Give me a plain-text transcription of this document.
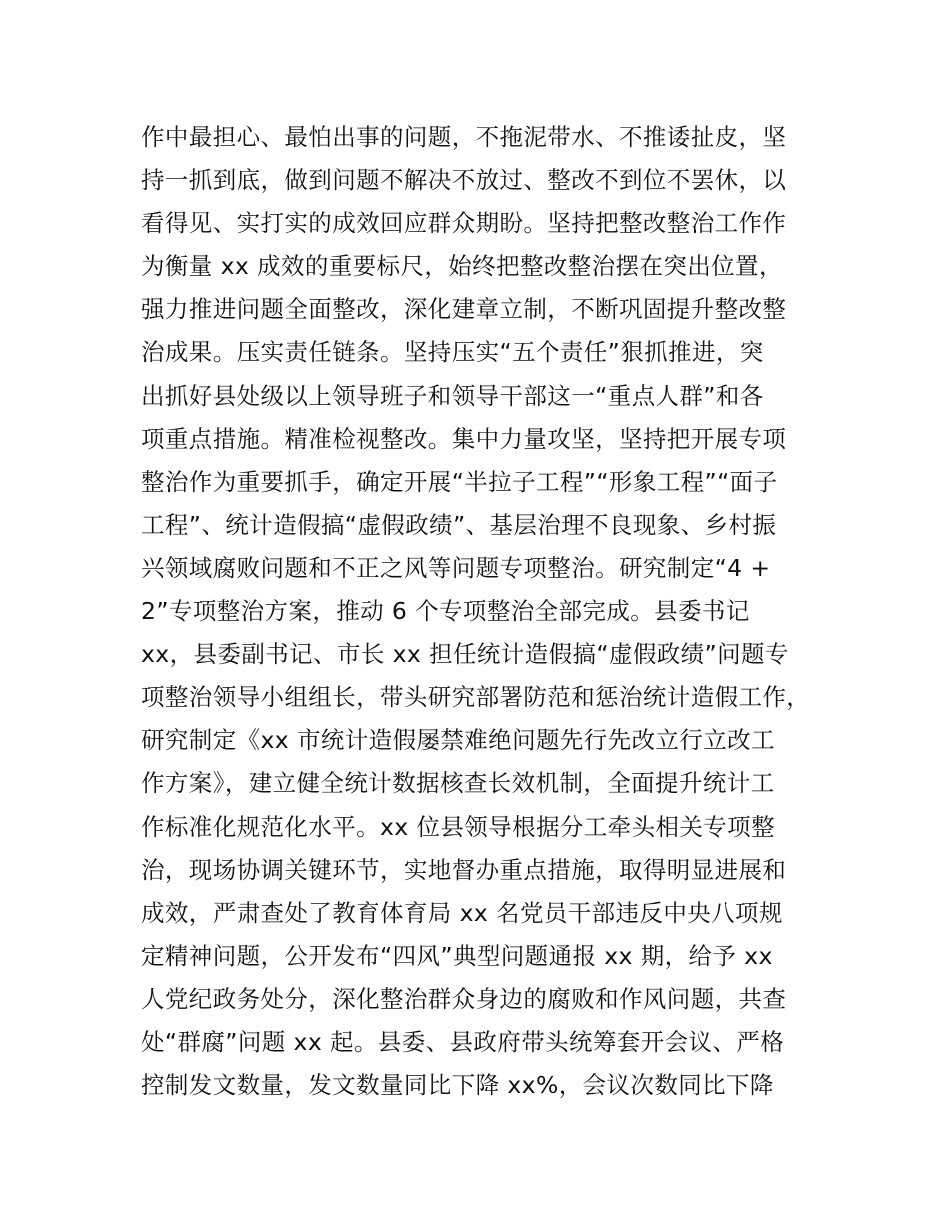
作中最担心、最怕出事的问题，不拖泥带水、不推诿扯皮，坚
持一抓到底，做到问题不解决不放过、整改不到位不罢休，以
看得见、实打实的成效回应群众期盼。坚持把整改整治工作作
为衡量 xx 成效的重要标尺，始终把整改整治摆在突出位置，
强力推进问题全面整改，深化建章立制，不断巩固提升整改整
治成果。压实责任链条。坚持压实“五个责任”狠抓推进，突
出抓好县处级以上领导班子和领导干部这一“重点人群”和各
项重点措施。精准检视整改。集中力量攻坚，坚持把开展专项
整治作为重要抓手，确定开展“半拉子工程”“形象工程”“面子
工程”、统计造假搞“虚假政绩”、基层治理不良现象、乡村振
兴领域腐败问题和不正之风等问题专项整治。研究制定“4 +
2”专项整治方案，推动 6 个专项整治全部完成。县委书记
xx，县委副书记、市长 xx 担任统计造假搞“虚假政绩”问题专
项整治领导小组组长，带头研究部署防范和惩治统计造假工作，
研究制定《xx 市统计造假屡禁难绝问题先行先改立行立改工
作方案》，建立健全统计数据核查长效机制，全面提升统计工
作标准化规范化水平。xx 位县领导根据分工牵头相关专项整
治，现场协调关键环节，实地督办重点措施，取得明显进展和
成效，严肃查处了教育体育局 xx 名党员干部违反中央八项规
定精神问题，公开发布“四风”典型问题通报 xx 期，给予 xx
人党纪政务处分，深化整治群众身边的腐败和作风问题，共查
处“群腐”问题 xx 起。县委、县政府带头统筹套开会议、严格
控制发文数量，发文数量同比下降 xx%，会议次数同比下降
